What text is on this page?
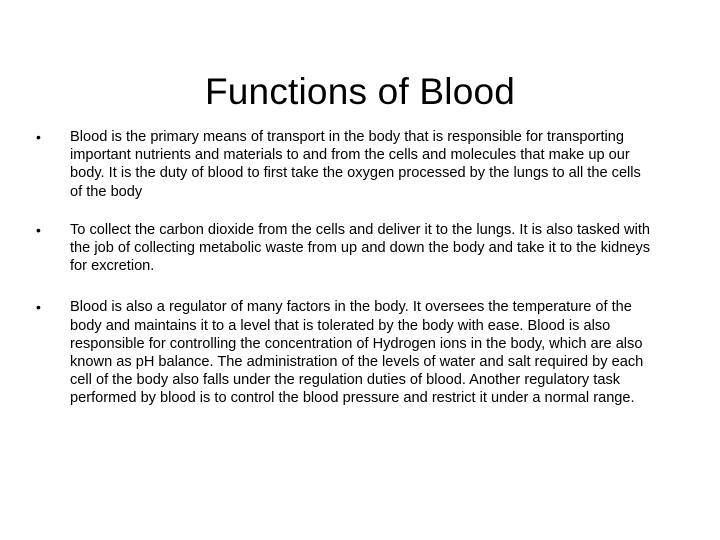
Functions of Blood
• Blood is the primary means of transport in the body that is responsible for transporting important nutrients and materials to and from the cells and molecules that make up our body. It is the duty of blood to first take the oxygen processed by the lungs to all the cells of the body
• To collect the carbon dioxide from the cells and deliver it to the lungs. It is also tasked with the job of collecting metabolic waste from up and down the body and take it to the kidneys for excretion.
• Blood is also a regulator of many factors in the body. It oversees the temperature of the body and maintains it to a level that is tolerated by the body with ease. Blood is also responsible for controlling the concentration of Hydrogen ions in the body, which are also known as pH balance. The administration of the levels of water and salt required by each cell of the body also falls under the regulation duties of blood. Another regulatory task performed by blood is to control the blood pressure and restrict it under a normal range.
